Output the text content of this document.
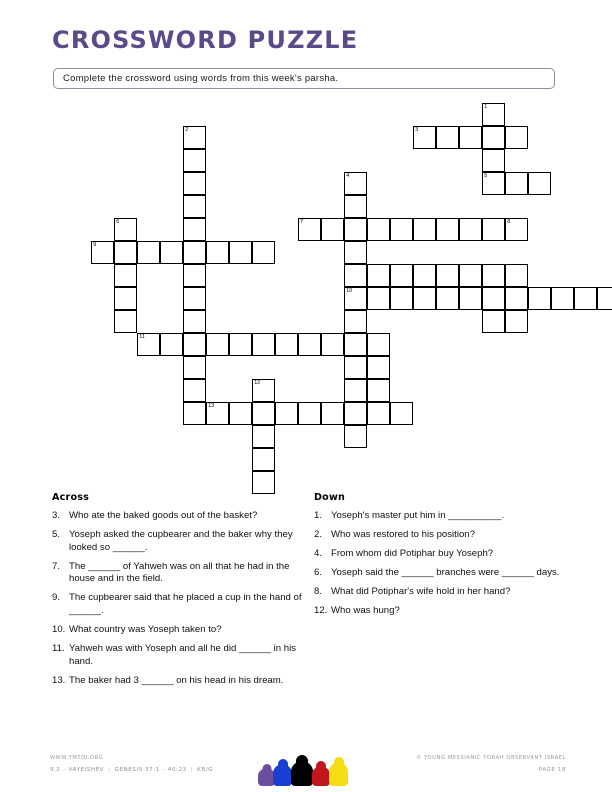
CROSSWORD PUZZLE
Complete the crossword using words from this week's parsha.
1
2	3
4	5
6	7	8
9
10
11
12
13
Across
3. Who ate the baked goods out of the basket?
5. Yoseph asked the cupbearer and the baker why they looked so ______.
7. The ______ of Yahweh was on all that he had in the house and in the field.
9. The cupbearer said that he placed a cup in the hand of ______.
10. What country was Yoseph taken to?
11. Yahweh was with Yoseph and all he did ______ in his hand.
13. The baker had 3 ______ on his head in his dream.
Down
1. Yoseph's master put him in __________.
2. Who was restored to his position?
4. From whom did Potiphar buy Yoseph?
6. Yoseph said the ______ branches were ______ days.
8. What did Potiphar's wife hold in her hand?
12. Who was hung?
WWW.YMTOI.ORG
9.2 – VAYEISHEV | GENESIS 37:1 – 40:23 | KB/G
© YOUNG MESSIANIC TORAH OBSERVANT ISRAEL
PAGE 18
